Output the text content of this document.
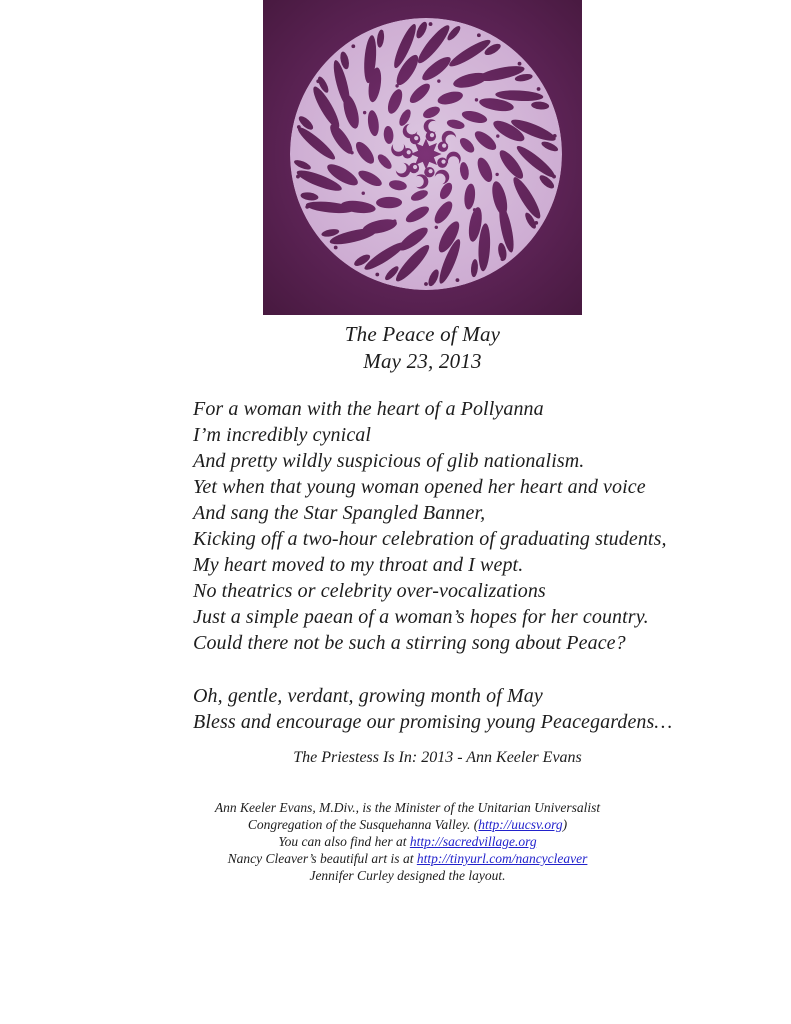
The Peace of May
May 23, 2013
For a woman with the heart of a Pollyanna
I’m incredibly cynical
And pretty wildly suspicious of glib nationalism.
Yet when that young woman opened her heart and voice
And sang the Star Spangled Banner,
Kicking off a two-hour celebration of graduating students,
My heart moved to my throat and I wept.
No theatrics or celebrity over-vocalizations
Just a simple paean of a woman’s hopes for her country.
Could there not be such a stirring song about Peace?
Oh, gentle, verdant, growing month of May
Bless and encourage our promising young Peacegardens…
The Priestess Is In: 2013 - Ann Keeler Evans
Ann Keeler Evans, M.Div., is the Minister of the Unitarian Universalist
Congregation of the Susquehanna Valley. (http://uucsv.org)
You can also find her at http://sacredvillage.org
Nancy Cleaver’s beautiful art is at http://tinyurl.com/nancycleaver
Jennifer Curley designed the layout.
